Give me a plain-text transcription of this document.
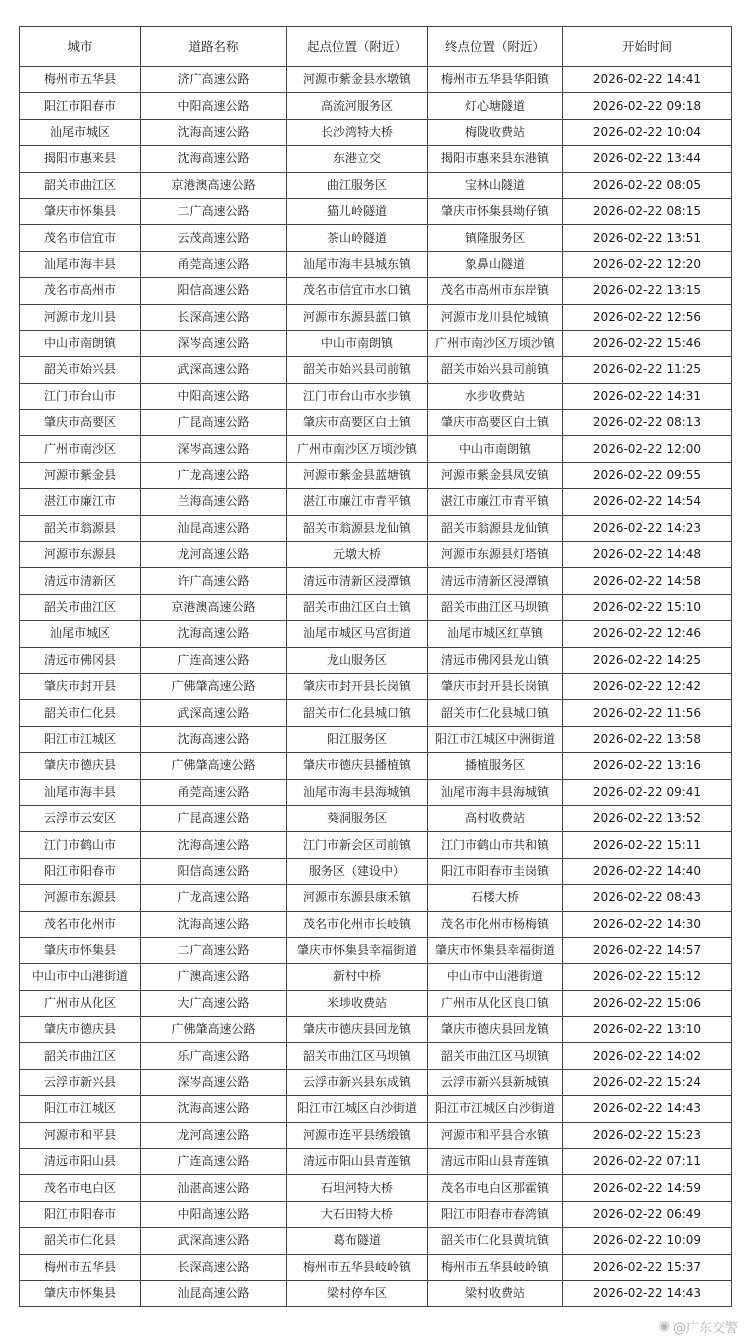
城市	道路名称	起点位置（附近）	终点位置（附近）	开始时间
梅州市五华县	济广高速公路	河源市紫金县水墩镇	梅州市五华县华阳镇	2026-02-22 14:41
阳江市阳春市	中阳高速公路	高流河服务区	灯心塘隧道	2026-02-22 09:18
汕尾市城区	沈海高速公路	长沙湾特大桥	梅陇收费站	2026-02-22 10:04
揭阳市惠来县	沈海高速公路	东港立交	揭阳市惠来县东港镇	2026-02-22 13:44
韶关市曲江区	京港澳高速公路	曲江服务区	宝林山隧道	2026-02-22 08:05
肇庆市怀集县	二广高速公路	猫儿岭隧道	肇庆市怀集县坳仔镇	2026-02-22 08:15
茂名市信宜市	云茂高速公路	茶山岭隧道	镇隆服务区	2026-02-22 13:51
汕尾市海丰县	甬莞高速公路	汕尾市海丰县城东镇	象鼻山隧道	2026-02-22 12:20
茂名市高州市	阳信高速公路	茂名市信宜市水口镇	茂名市高州市东岸镇	2026-02-22 13:15
河源市龙川县	长深高速公路	河源市东源县蓝口镇	河源市龙川县佗城镇	2026-02-22 12:56
中山市南朗镇	深岑高速公路	中山市南朗镇	广州市南沙区万顷沙镇	2026-02-22 15:46
韶关市始兴县	武深高速公路	韶关市始兴县司前镇	韶关市始兴县司前镇	2026-02-22 11:25
江门市台山市	中阳高速公路	江门市台山市水步镇	水步收费站	2026-02-22 14:31
肇庆市高要区	广昆高速公路	肇庆市高要区白土镇	肇庆市高要区白土镇	2026-02-22 08:13
广州市南沙区	深岑高速公路	广州市南沙区万顷沙镇	中山市南朗镇	2026-02-22 12:00
河源市紫金县	广龙高速公路	河源市紫金县蓝塘镇	河源市紫金县凤安镇	2026-02-22 09:55
湛江市廉江市	兰海高速公路	湛江市廉江市青平镇	湛江市廉江市青平镇	2026-02-22 14:54
韶关市翁源县	汕昆高速公路	韶关市翁源县龙仙镇	韶关市翁源县龙仙镇	2026-02-22 14:23
河源市东源县	龙河高速公路	元墩大桥	河源市东源县灯塔镇	2026-02-22 14:48
清远市清新区	许广高速公路	清远市清新区浸潭镇	清远市清新区浸潭镇	2026-02-22 14:58
韶关市曲江区	京港澳高速公路	韶关市曲江区白土镇	韶关市曲江区马坝镇	2026-02-22 15:10
汕尾市城区	沈海高速公路	汕尾市城区马宫街道	汕尾市城区红草镇	2026-02-22 12:46
清远市佛冈县	广连高速公路	龙山服务区	清远市佛冈县龙山镇	2026-02-22 14:25
肇庆市封开县	广佛肇高速公路	肇庆市封开县长岗镇	肇庆市封开县长岗镇	2026-02-22 12:42
韶关市仁化县	武深高速公路	韶关市仁化县城口镇	韶关市仁化县城口镇	2026-02-22 11:56
阳江市江城区	沈海高速公路	阳江服务区	阳江市江城区中洲街道	2026-02-22 13:58
肇庆市德庆县	广佛肇高速公路	肇庆市德庆县播植镇	播植服务区	2026-02-22 13:16
汕尾市海丰县	甬莞高速公路	汕尾市海丰县海城镇	汕尾市海丰县海城镇	2026-02-22 09:41
云浮市云安区	广昆高速公路	葵洞服务区	高村收费站	2026-02-22 13:52
江门市鹤山市	沈海高速公路	江门市新会区司前镇	江门市鹤山市共和镇	2026-02-22 15:11
阳江市阳春市	阳信高速公路	服务区（建设中）	阳江市阳春市圭岗镇	2026-02-22 14:40
河源市东源县	广龙高速公路	河源市东源县康禾镇	石楼大桥	2026-02-22 08:43
茂名市化州市	沈海高速公路	茂名市化州市长岐镇	茂名市化州市杨梅镇	2026-02-22 14:30
肇庆市怀集县	二广高速公路	肇庆市怀集县幸福街道	肇庆市怀集县幸福街道	2026-02-22 14:57
中山市中山港街道	广澳高速公路	新村中桥	中山市中山港街道	2026-02-22 15:12
广州市从化区	大广高速公路	米埗收费站	广州市从化区良口镇	2026-02-22 15:06
肇庆市德庆县	广佛肇高速公路	肇庆市德庆县回龙镇	肇庆市德庆县回龙镇	2026-02-22 13:10
韶关市曲江区	乐广高速公路	韶关市曲江区马坝镇	韶关市曲江区马坝镇	2026-02-22 14:02
云浮市新兴县	深岑高速公路	云浮市新兴县东成镇	云浮市新兴县新城镇	2026-02-22 15:24
阳江市江城区	沈海高速公路	阳江市江城区白沙街道	阳江市江城区白沙街道	2026-02-22 14:43
河源市和平县	龙河高速公路	河源市连平县绣缎镇	河源市和平县合水镇	2026-02-22 15:23
清远市阳山县	广连高速公路	清远市阳山县青莲镇	清远市阳山县青莲镇	2026-02-22 07:11
茂名市电白区	汕湛高速公路	石坦河特大桥	茂名市电白区那霍镇	2026-02-22 14:59
阳江市阳春市	中阳高速公路	大石田特大桥	阳江市阳春市春湾镇	2026-02-22 06:49
韶关市仁化县	武深高速公路	葛布隧道	韶关市仁化县黄坑镇	2026-02-22 10:09
梅州市五华县	长深高速公路	梅州市五华县岐岭镇	梅州市五华县岐岭镇	2026-02-22 15:37
肇庆市怀集县	汕昆高速公路	梁村停车区	梁村收费站	2026-02-22 14:43
◉ @广东交警
